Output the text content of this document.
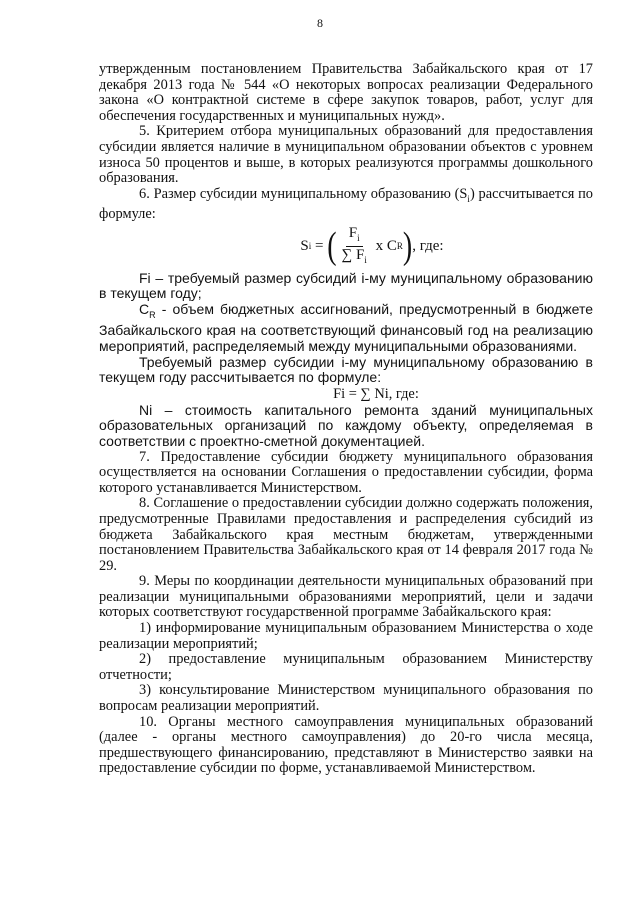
8

утвержденным постановлением Правительства Забайкальского края от 17 декабря 2013 года № 544 «О некоторых вопросах реализации Федерального закона «О контрактной системе в сфере закупок товаров, работ, услуг для обеспечения государственных и муниципальных нужд».

5. Критерием отбора муниципальных образований для предоставления субсидии является наличие в муниципальном образовании объектов с уровнем износа 50 процентов и выше, в которых реализуются программы дошкольного образования.

6. Размер субсидии муниципальному образованию $(S_i)$ рассчитывается по формуле:

S i = ( $\frac{F_i}{\sum F_i}$ x C R ) , где:

Fi – требуемый размер субсидий i-му муниципальному образованию в текущем году;

$C_R$ - объем бюджетных ассигнований, предусмотренный в бюджете Забайкальского края на соответствующий финансовый год на реализацию мероприятий, распределяемый между муниципальными образованиями.

Требуемый размер субсидии i-му муниципальному образованию в текущем году рассчитывается по формуле:

Fi = ∑ Ni, где:

Ni – стоимость капитального ремонта зданий муниципальных образовательных организаций по каждому объекту, определяемая в соответствии с проектно-сметной документацией.

7. Предоставление субсидии бюджету муниципального образования осуществляется на основании Соглашения о предоставлении субсидии, форма которого устанавливается Министерством.

8. Соглашение о предоставлении субсидии должно содержать положения, предусмотренные Правилами предоставления и распределения субсидий из бюджета Забайкальского края местным бюджетам, утвержденными постановлением Правительства Забайкальского края от 14 февраля 2017 года № 29.

9. Меры по координации деятельности муниципальных образований при реализации муниципальными образованиями мероприятий, цели и задачи которых соответствуют государственной программе Забайкальского края:

1) информирование муниципальным образованием Министерства о ходе реализации мероприятий;

2) предоставление муниципальным образованием Министерству отчетности;

3) консультирование Министерством муниципального образования по вопросам реализации мероприятий.

10. Органы местного самоуправления муниципальных образований (далее - органы местного самоуправления) до 20-го числа месяца, предшествующего финансированию, представляют в Министерство заявки на предоставление субсидии по форме, устанавливаемой Министерством.
